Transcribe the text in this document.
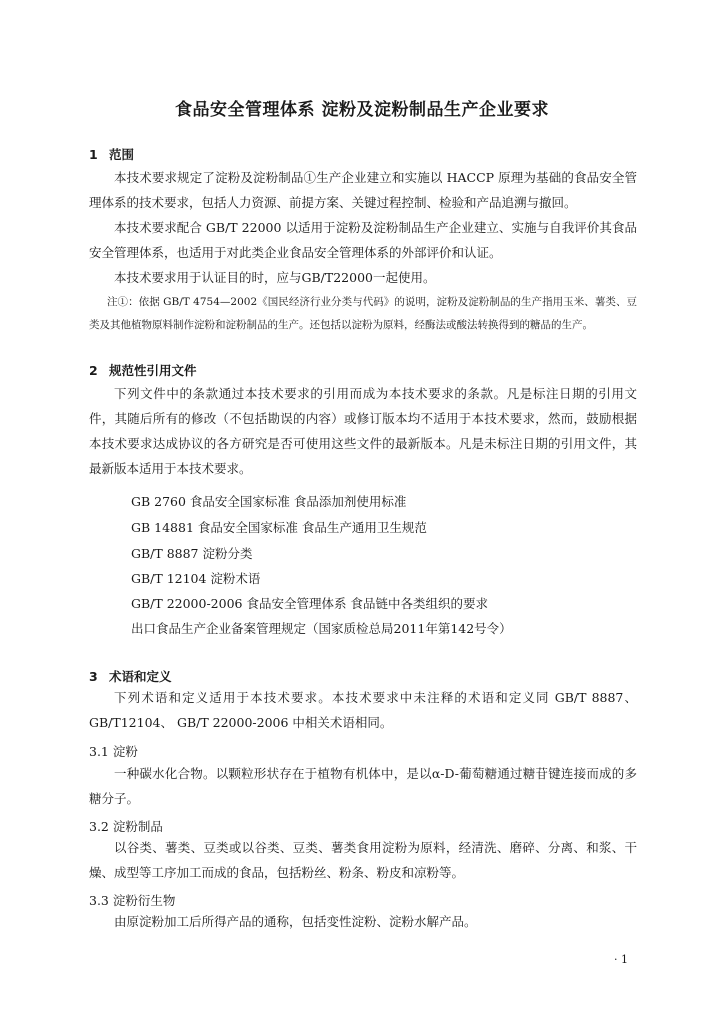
食品安全管理体系 淀粉及淀粉制品生产企业要求
1 范围

本技术要求规定了淀粉及淀粉制品①生产企业建立和实施以 HACCP 原理为基础的食品安全管理体系的技术要求，包括人力资源、前提方案、关键过程控制、检验和产品追溯与撤回。

本技术要求配合 GB/T 22000 以适用于淀粉及淀粉制品生产企业建立、实施与自我评价其食品安全管理体系，也适用于对此类企业食品安全管理体系的外部评价和认证。

本技术要求用于认证目的时，应与GB/T22000一起使用。

注①：依据 GB/T 4754—2002《国民经济行业分类与代码》的说明，淀粉及淀粉制品的生产指用玉米、薯类、豆类及其他植物原料制作淀粉和淀粉制品的生产。还包括以淀粉为原料，经酶法或酸法转换得到的糖品的生产。

2 规范性引用文件

下列文件中的条款通过本技术要求的引用而成为本技术要求的条款。凡是标注日期的引用文件，其随后所有的修改（不包括勘误的内容）或修订版本均不适用于本技术要求，然而，鼓励根据本技术要求达成协议的各方研究是否可使用这些文件的最新版本。凡是未标注日期的引用文件，其最新版本适用于本技术要求。

GB 2760 食品安全国家标准 食品添加剂使用标准
GB 14881 食品安全国家标准 食品生产通用卫生规范
GB/T 8887 淀粉分类
GB/T 12104 淀粉术语
GB/T 22000-2006 食品安全管理体系 食品链中各类组织的要求
出口食品生产企业备案管理规定（国家质检总局2011年第142号令）
3 术语和定义

下列术语和定义适用于本技术要求。本技术要求中未注释的术语和定义同 GB/T 8887、GB/T12104、 GB/T 22000-2006 中相关术语相同。

3.1 淀粉

一种碳水化合物。以颗粒形状存在于植物有机体中，是以α-D-葡萄糖通过糖苷键连接而成的多糖分子。

3.2 淀粉制品

以谷类、薯类、豆类或以谷类、豆类、薯类食用淀粉为原料，经清洗、磨碎、分离、和浆、干燥、成型等工序加工而成的食品，包括粉丝、粉条、粉皮和凉粉等。

3.3 淀粉衍生物

由原淀粉加工后所得产品的通称，包括变性淀粉、淀粉水解产品。

· 1
